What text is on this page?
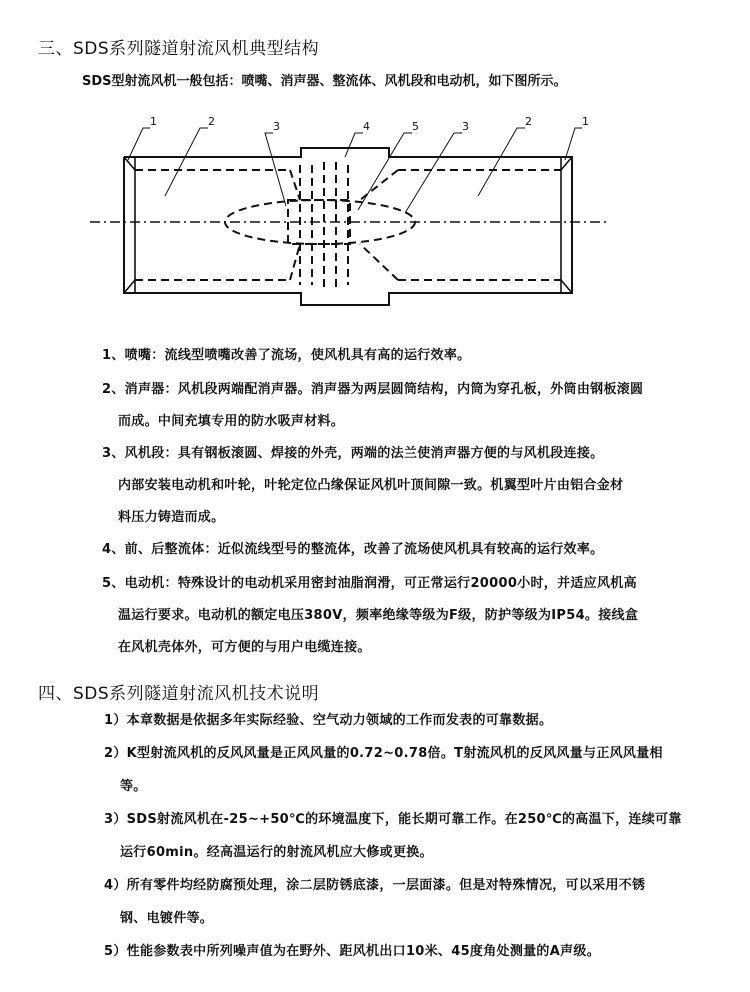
三、SDS系列隧道射流风机典型结构
SDS型射流风机一般包括：喷嘴、消声器、整流体、风机段和电动机，如下图所示。
1	2	3	4	5	3	2	1
1、喷嘴：流线型喷嘴改善了流场，使风机具有高的运行效率。
2、消声器：风机段两端配消声器。消声器为两层圆筒结构，内筒为穿孔板，外筒由钢板滚圆
而成。中间充填专用的防水吸声材料。
3、风机段：具有钢板滚圆、焊接的外壳，两端的法兰使消声器方便的与风机段连接。
内部安装电动机和叶轮，叶轮定位凸缘保证风机叶顶间隙一致。机翼型叶片由铝合金材
料压力铸造而成。
4、前、后整流体：近似流线型号的整流体，改善了流场使风机具有较高的运行效率。
5、电动机：特殊设计的电动机采用密封油脂润滑，可正常运行20000小时，并适应风机高
温运行要求。电动机的额定电压380V，频率绝缘等级为F级，防护等级为IP54。接线盒
在风机壳体外，可方便的与用户电缆连接。
四、SDS系列隧道射流风机技术说明
1）本章数据是依据多年实际经验、空气动力领域的工作而发表的可靠数据。
2）K型射流风机的反风风量是正风风量的0.72~0.78倍。T射流风机的反风风量与正风风量相
等。
3）SDS射流风机在-25~+50℃的环境温度下，能长期可靠工作。在250℃的高温下，连续可靠
运行60min。经高温运行的射流风机应大修或更换。
4）所有零件均经防腐预处理，涂二层防锈底漆，一层面漆。但是对特殊情况，可以采用不锈
钢、电镀件等。
5）性能参数表中所列噪声值为在野外、距风机出口10米、45度角处测量的A声级。
